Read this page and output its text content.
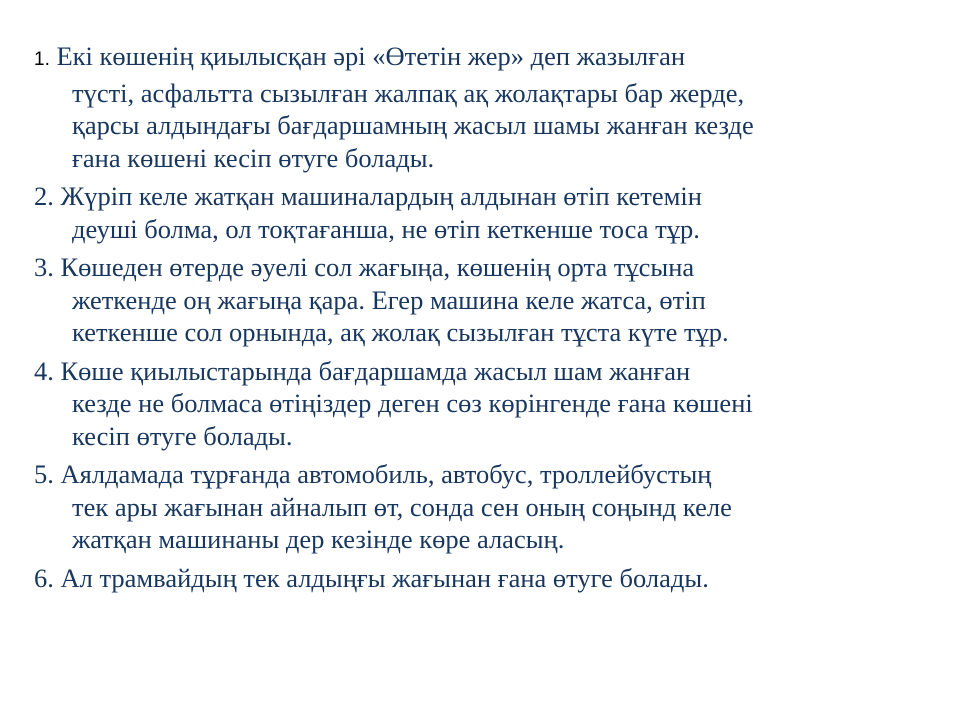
1. Екі көшенің қиылысқан әрі «Өтетін жер» деп жазылған
түсті, асфальтта сызылған жалпақ ақ жолақтары бар жерде,
қарсы алдындағы бағдаршамның жасыл шамы жанған кезде
ғана көшені кесіп өтуге болады.
2. Жүріп келе жатқан машиналардың алдынан өтіп кетемін
деуші болма, ол тоқтағанша, не өтіп кеткенше тоса тұр.
3. Көшеден өтерде әуелі сол жағыңа, көшенің орта тұсына
жеткенде оң жағыңа қара. Егер машина келе жатса, өтіп
кеткенше сол орнында, ақ жолақ сызылған тұста күте тұр.
4. Көше қиылыстарында бағдаршамда жасыл шам жанған
кезде не болмаса өтіңіздер деген сөз көрінгенде ғана көшені
кесіп өтуге болады.
5. Аялдамада тұрғанда автомобиль, автобус, троллейбустың
тек ары жағынан айналып өт, сонда сен оның соңынд келе
жатқан машинаны дер кезінде көре аласың.
6. Ал трамвайдың тек алдыңғы жағынан ғана өтуге болады.
